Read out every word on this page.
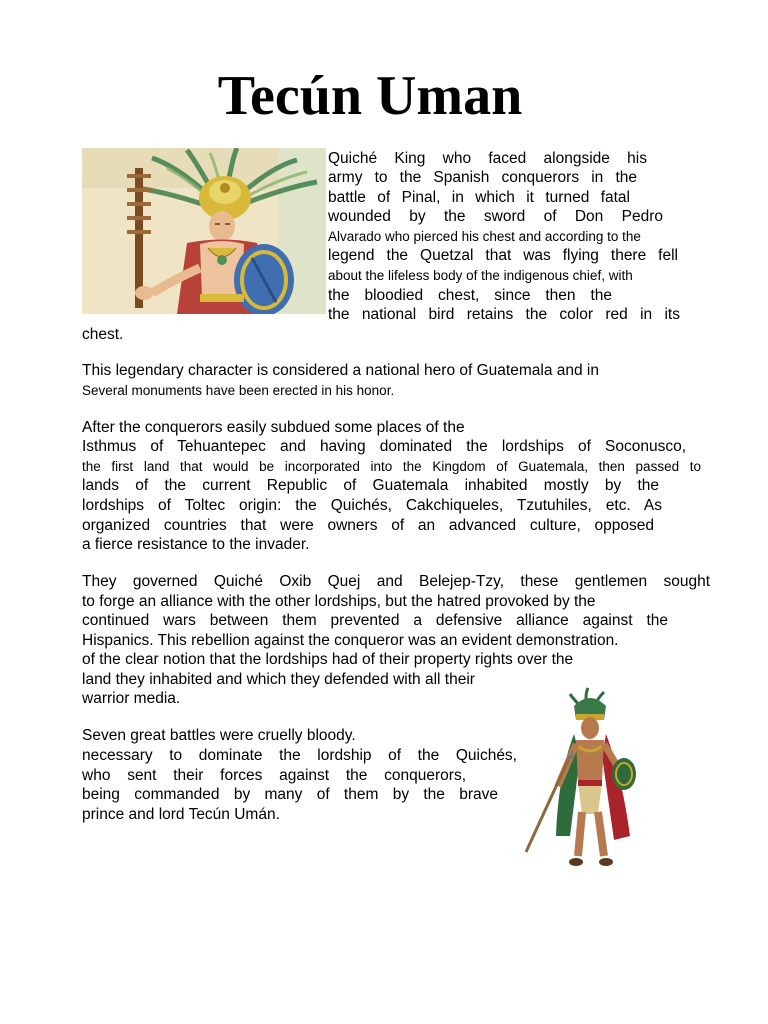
Tecún Uman
Quiché King who faced alongside his
army to the Spanish conquerors in the
battle of Pinal, in which it turned fatal
wounded by the sword of Don Pedro
Alvarado who pierced his chest and according to the
legend the Quetzal that was flying there fell
about the lifeless body of the indigenous chief, with
the bloodied chest, since then the
the national bird retains the color red in its
chest.
This legendary character is considered a national hero of Guatemala and in
Several monuments have been erected in his honor.
After the conquerors easily subdued some places of the
Isthmus of Tehuantepec and having dominated the lordships of Soconusco,
the first land that would be incorporated into the Kingdom of Guatemala, then passed to
lands of the current Republic of Guatemala inhabited mostly by the
lordships of Toltec origin: the Quichés, Cakchiqueles, Tzutuhiles, etc. As
organized countries that were owners of an advanced culture, opposed
a fierce resistance to the invader.
They governed Quiché Oxib Quej and Belejep-Tzy, these gentlemen sought
to forge an alliance with the other lordships, but the hatred provoked by the
continued wars between them prevented a defensive alliance against the
Hispanics. This rebellion against the conqueror was an evident demonstration.
of the clear notion that the lordships had of their property rights over the
land they inhabited and which they defended with all their
warrior media.
Seven great battles were cruelly bloody.
necessary to dominate the lordship of the Quichés,
who sent their forces against the conquerors,
being commanded by many of them by the brave
prince and lord Tecún Umán.
